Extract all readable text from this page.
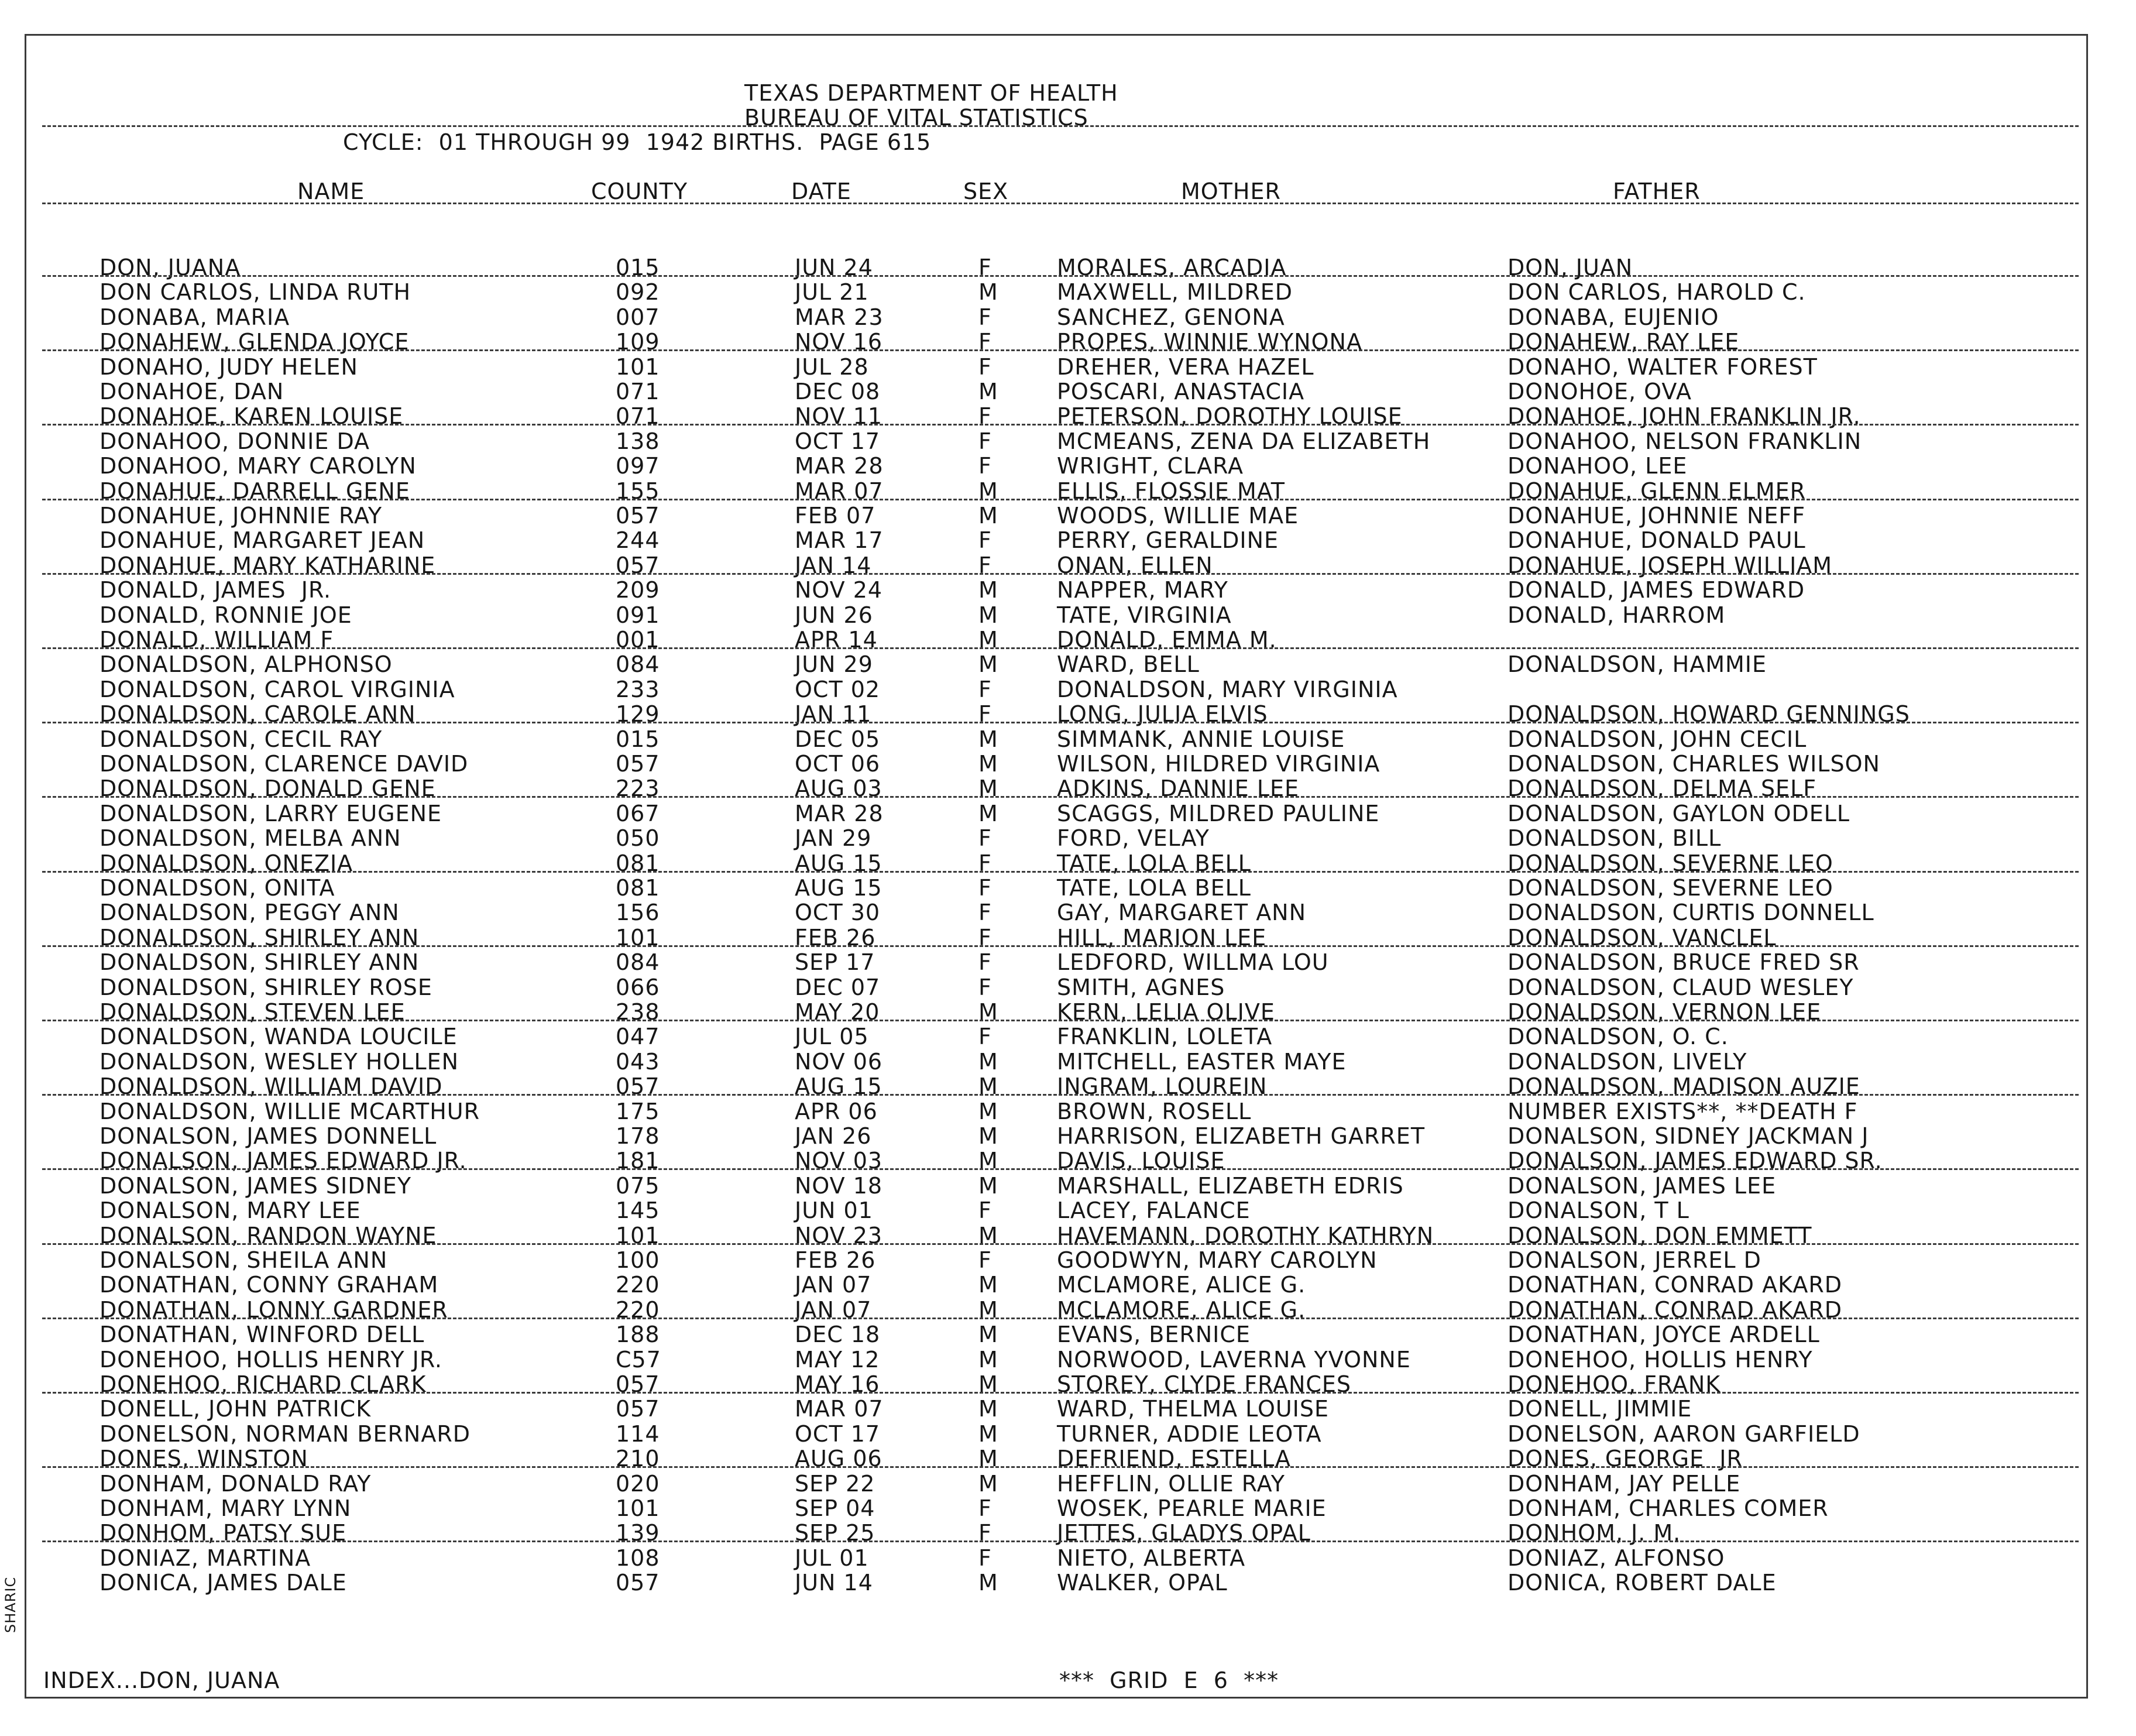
TEXAS DEPARTMENT OF HEALTH
BUREAU OF VITAL STATISTICS
CYCLE:  01 THROUGH 99  1942 BIRTHS.  PAGE 615
NAME	COUNTY	DATE	SEX	MOTHER	FATHER
DON, JUANA	015	JUN 24	F	MORALES, ARCADIA	DON, JUAN
DON CARLOS, LINDA RUTH	092	JUL 21	M	MAXWELL, MILDRED	DON CARLOS, HAROLD C.
DONABA, MARIA	007	MAR 23	F	SANCHEZ, GENONA	DONABA, EUJENIO
DONAHEW, GLENDA JOYCE	109	NOV 16	F	PROPES, WINNIE WYNONA	DONAHEW, RAY LEE
DONAHO, JUDY HELEN	101	JUL 28	F	DREHER, VERA HAZEL	DONAHO, WALTER FOREST
DONAHOE, DAN	071	DEC 08	M	POSCARI, ANASTACIA	DONOHOE, OVA
DONAHOE, KAREN LOUISE	071	NOV 11	F	PETERSON, DOROTHY LOUISE	DONAHOE, JOHN FRANKLIN JR.
DONAHOO, DONNIE DA	138	OCT 17	F	MCMEANS, ZENA DA ELIZABETH	DONAHOO, NELSON FRANKLIN
DONAHOO, MARY CAROLYN	097	MAR 28	F	WRIGHT, CLARA	DONAHOO, LEE
DONAHUE, DARRELL GENE	155	MAR 07	M	ELLIS, FLOSSIE MAT	DONAHUE, GLENN ELMER
DONAHUE, JOHNNIE RAY	057	FEB 07	M	WOODS, WILLIE MAE	DONAHUE, JOHNNIE NEFF
DONAHUE, MARGARET JEAN	244	MAR 17	F	PERRY, GERALDINE	DONAHUE, DONALD PAUL
DONAHUE, MARY KATHARINE	057	JAN 14	F	ONAN, ELLEN	DONAHUE, JOSEPH WILLIAM
DONALD, JAMES  JR.	209	NOV 24	M	NAPPER, MARY	DONALD, JAMES EDWARD
DONALD, RONNIE JOE	091	JUN 26	M	TATE, VIRGINIA	DONALD, HARROM
DONALD, WILLIAM F	001	APR 14	M	DONALD, EMMA M.
DONALDSON, ALPHONSO	084	JUN 29	M	WARD, BELL	DONALDSON, HAMMIE
DONALDSON, CAROL VIRGINIA	233	OCT 02	F	DONALDSON, MARY VIRGINIA
DONALDSON, CAROLE ANN	129	JAN 11	F	LONG, JULIA ELVIS	DONALDSON, HOWARD GENNINGS
DONALDSON, CECIL RAY	015	DEC 05	M	SIMMANK, ANNIE LOUISE	DONALDSON, JOHN CECIL
DONALDSON, CLARENCE DAVID	057	OCT 06	M	WILSON, HILDRED VIRGINIA	DONALDSON, CHARLES WILSON
DONALDSON, DONALD GENE	223	AUG 03	M	ADKINS, DANNIE LEE	DONALDSON, DELMA SELF
DONALDSON, LARRY EUGENE	067	MAR 28	M	SCAGGS, MILDRED PAULINE	DONALDSON, GAYLON ODELL
DONALDSON, MELBA ANN	050	JAN 29	F	FORD, VELAY	DONALDSON, BILL
DONALDSON, ONEZIA	081	AUG 15	F	TATE, LOLA BELL	DONALDSON, SEVERNE LEO
DONALDSON, ONITA	081	AUG 15	F	TATE, LOLA BELL	DONALDSON, SEVERNE LEO
DONALDSON, PEGGY ANN	156	OCT 30	F	GAY, MARGARET ANN	DONALDSON, CURTIS DONNELL
DONALDSON, SHIRLEY ANN	101	FEB 26	F	HILL, MARION LEE	DONALDSON, VANCLEL
DONALDSON, SHIRLEY ANN	084	SEP 17	F	LEDFORD, WILLMA LOU	DONALDSON, BRUCE FRED SR
DONALDSON, SHIRLEY ROSE	066	DEC 07	F	SMITH, AGNES	DONALDSON, CLAUD WESLEY
DONALDSON, STEVEN LEE	238	MAY 20	M	KERN, LELIA OLIVE	DONALDSON, VERNON LEE
DONALDSON, WANDA LOUCILE	047	JUL 05	F	FRANKLIN, LOLETA	DONALDSON, O. C.
DONALDSON, WESLEY HOLLEN	043	NOV 06	M	MITCHELL, EASTER MAYE	DONALDSON, LIVELY
DONALDSON, WILLIAM DAVID	057	AUG 15	M	INGRAM, LOUREIN	DONALDSON, MADISON AUZIE
DONALDSON, WILLIE MCARTHUR	175	APR 06	M	BROWN, ROSELL	NUMBER EXISTS**, **DEATH F
DONALSON, JAMES DONNELL	178	JAN 26	M	HARRISON, ELIZABETH GARRET	DONALSON, SIDNEY JACKMAN J
DONALSON, JAMES EDWARD JR.	181	NOV 03	M	DAVIS, LOUISE	DONALSON, JAMES EDWARD SR.
DONALSON, JAMES SIDNEY	075	NOV 18	M	MARSHALL, ELIZABETH EDRIS	DONALSON, JAMES LEE
DONALSON, MARY LEE	145	JUN 01	F	LACEY, FALANCE	DONALSON, T L
DONALSON, RANDON WAYNE	101	NOV 23	M	HAVEMANN, DOROTHY KATHRYN	DONALSON, DON EMMETT
DONALSON, SHEILA ANN	100	FEB 26	F	GOODWYN, MARY CAROLYN	DONALSON, JERREL D
DONATHAN, CONNY GRAHAM	220	JAN 07	M	MCLAMORE, ALICE G.	DONATHAN, CONRAD AKARD
DONATHAN, LONNY GARDNER	220	JAN 07	M	MCLAMORE, ALICE G.	DONATHAN, CONRAD AKARD
DONATHAN, WINFORD DELL	188	DEC 18	M	EVANS, BERNICE	DONATHAN, JOYCE ARDELL
DONEHOO, HOLLIS HENRY JR.	C57	MAY 12	M	NORWOOD, LAVERNA YVONNE	DONEHOO, HOLLIS HENRY
DONEHOO, RICHARD CLARK	057	MAY 16	M	STOREY, CLYDE FRANCES	DONEHOO, FRANK
DONELL, JOHN PATRICK	057	MAR 07	M	WARD, THELMA LOUISE	DONELL, JIMMIE
DONELSON, NORMAN BERNARD	114	OCT 17	M	TURNER, ADDIE LEOTA	DONELSON, AARON GARFIELD
DONES, WINSTON	210	AUG 06	M	DEFRIEND, ESTELLA	DONES, GEORGE  JR
DONHAM, DONALD RAY	020	SEP 22	M	HEFFLIN, OLLIE RAY	DONHAM, JAY PELLE
DONHAM, MARY LYNN	101	SEP 04	F	WOSEK, PEARLE MARIE	DONHAM, CHARLES COMER
DONHOM, PATSY SUE	139	SEP 25	F	JETTES, GLADYS OPAL	DONHOM, J. M.
DONIAZ, MARTINA	108	JUL 01	F	NIETO, ALBERTA	DONIAZ, ALFONSO
DONICA, JAMES DALE	057	JUN 14	M	WALKER, OPAL	DONICA, ROBERT DALE
INDEX...DON, JUANA	***  GRID  E  6  ***
SHARIC
